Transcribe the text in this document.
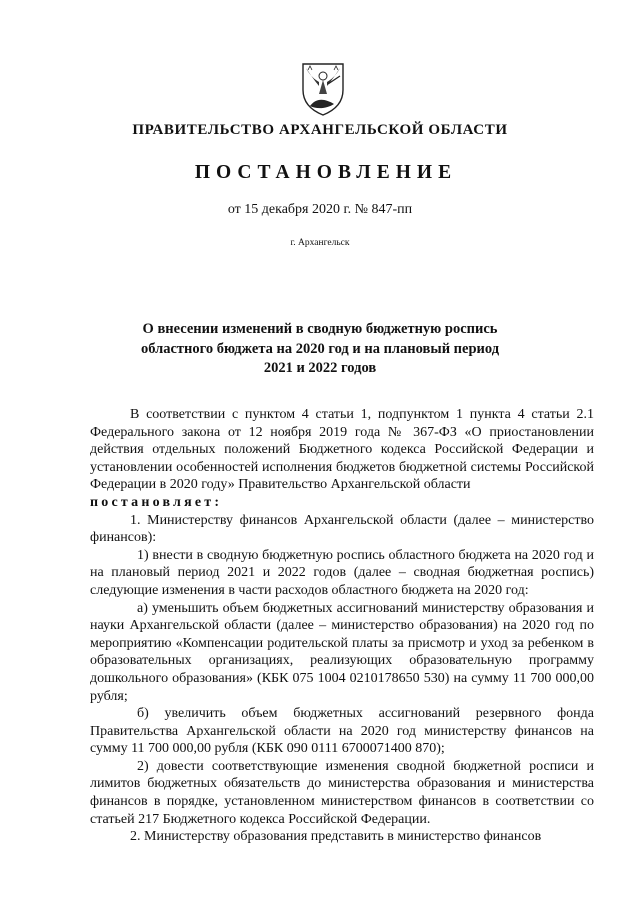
ПРАВИТЕЛЬСТВО АРХАНГЕЛЬСКОЙ ОБЛАСТИ
ПОСТАНОВЛЕНИЕ
от 15 декабря 2020 г. № 847-пп
г. Архангельск
О внесении изменений в сводную бюджетную роспись
областного бюджета на 2020 год и на плановый период
2021 и 2022 годов

В соответствии с пунктом 4 статьи 1, подпунктом 1 пункта 4 статьи 2.1 Федерального закона от 12 ноября 2019 года № 367-ФЗ «О приостановлении действия отдельных положений Бюджетного кодекса Российской Федерации и установлении особенностей исполнения бюджетов бюджетной системы Российской Федерации в 2020 году» Правительство Архангельской области

постановляет:

1. Министерству финансов Архангельской области (далее – министерство финансов):

1) внести в сводную бюджетную роспись областного бюджета на 2020 год и на плановый период 2021 и 2022 годов (далее – сводная бюджетная роспись) следующие изменения в части расходов областного бюджета на 2020 год:

а) уменьшить объем бюджетных ассигнований министерству образования и науки Архангельской области (далее – министерство образования) на 2020 год по мероприятию «Компенсации родительской платы за присмотр и уход за ребенком в образовательных организациях, реализующих образовательную программу дошкольного образования» (КБК 075 1004 0210178650 530) на сумму 11 700 000,00 рубля;

б) увеличить объем бюджетных ассигнований резервного фонда Правительства Архангельской области на 2020 год министерству финансов на сумму 11 700 000,00 рубля (КБК 090 0111 6700071400 870);

2) довести соответствующие изменения сводной бюджетной росписи и лимитов бюджетных обязательств до министерства образования и министерства финансов в порядке, установленном министерством финансов в соответствии со статьей 217 Бюджетного кодекса Российской Федерации.

2. Министерству образования представить в министерство финансов
